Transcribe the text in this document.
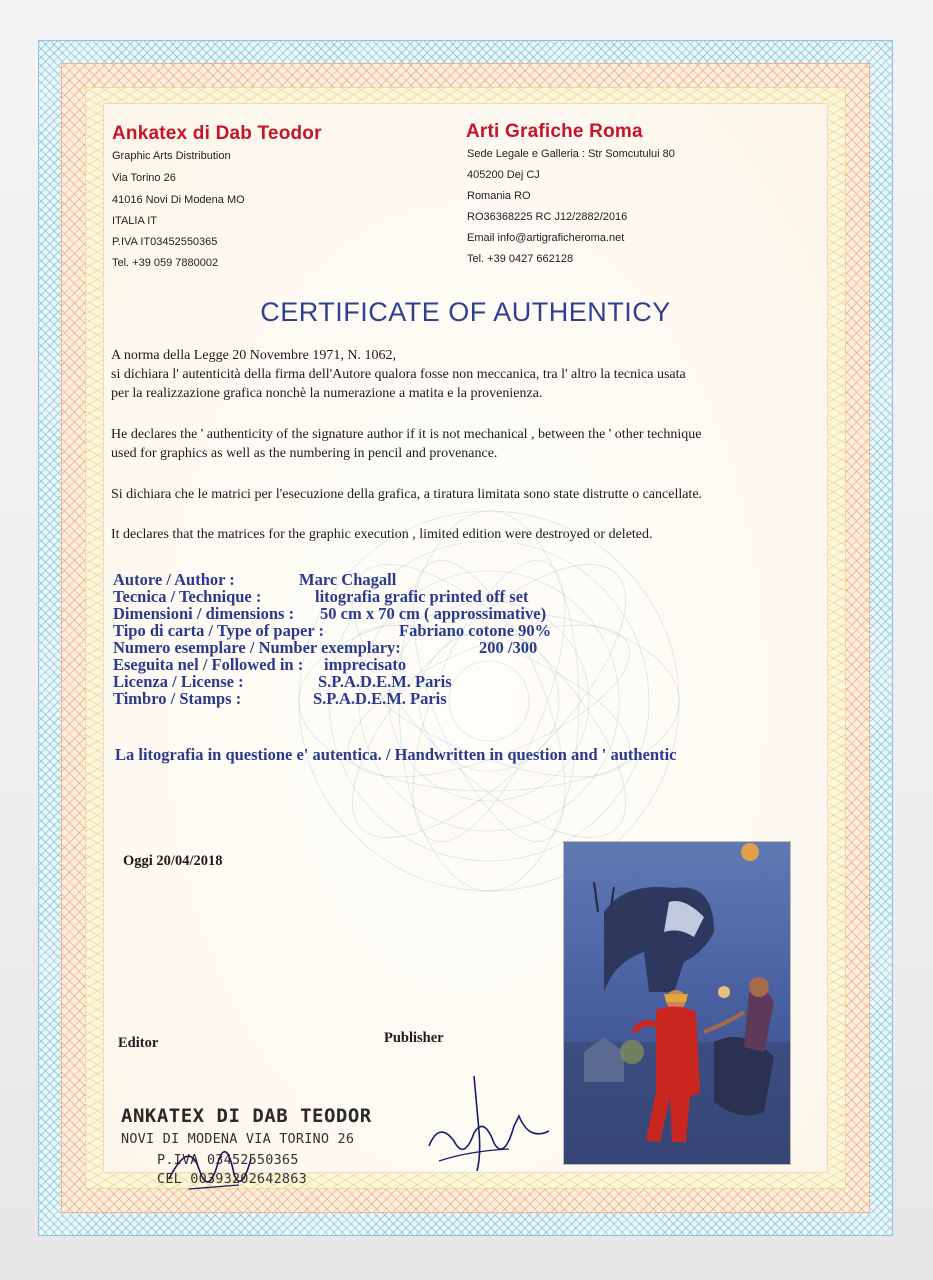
Ankatex di Dab Teodor
Graphic Arts Distribution
Via Torino 26
41016 Novi Di Modena MO
ITALIA IT
P.IVA IT03452550365
Tel. +39 059 7880002
Arti Grafiche Roma
Sede Legale e Galleria : Str Somcutului 80
405200 Dej CJ
Romania RO
RO36368225 RC J12/2882/2016
Email info@artigraficheroma.net
Tel. +39 0427 662128
CERTIFICATE OF AUTHENTICY
A norma della Legge 20 Novembre 1971, N. 1062,
si dichiara l' autenticità della firma dell'Autore qualora fosse non meccanica, tra l' altro la tecnica usata
per la realizzazione grafica nonchè la numerazione a matita e la provenienza.
He declares the ' authenticity of the signature author if it is not mechanical , between the ' other technique
used for graphics as well as the numbering in pencil and provenance.
Si dichiara che le matrici per l'esecuzione della grafica, a tiratura limitata sono state distrutte o cancellate.
It declares that the matrices for the graphic execution , limited edition were destroyed or deleted.
Autore / Author :	Marc Chagall
Tecnica / Technique :	litografia grafic printed off set
Dimensioni / dimensions : 50 cm x 70 cm ( approssimative)
Tipo di carta / Type of paper :	Fabriano cotone 90%
Numero esemplare / Number exemplary:	200 /300
Eseguita nel / Followed in : imprecisato
Licenza / License :	S.P.A.D.E.M. Paris
Timbro / Stamps :	S.P.A.D.E.M. Paris
La litografia in questione e' autentica. / Handwritten in question and ' authentic
Oggi 20/04/2018
Editor	Publisher
ANKATEX DI DAB TEODOR
NOVI DI MODENA VIA TORINO 26
P.IVA 03452550365
CEL 00393202642863
